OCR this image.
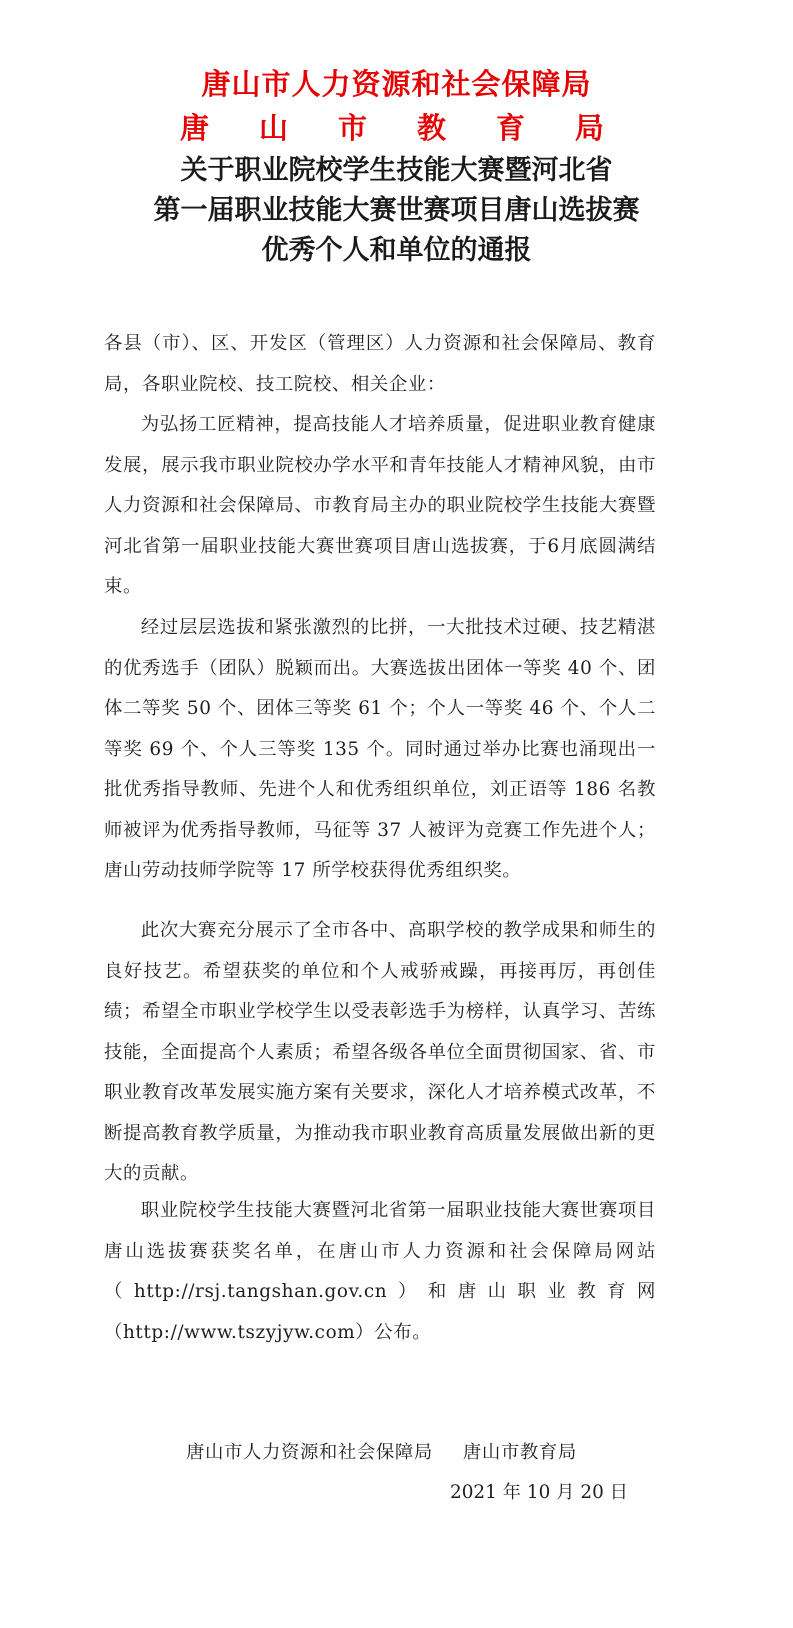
唐山市人力资源和社会保障局
唐 山 市 教 育 局
关于职业院校学生技能大赛暨河北省
第一届职业技能大赛世赛项目唐山选拔赛
优秀个人和单位的通报

各县（市）、区、开发区（管理区）人力资源和社会保障局、教育局，各职业院校、技工院校、相关企业：

为弘扬工匠精神，提高技能人才培养质量，促进职业教育健康发展，展示我市职业院校办学水平和青年技能人才精神风貌，由市人力资源和社会保障局、市教育局主办的职业院校学生技能大赛暨河北省第一届职业技能大赛世赛项目唐山选拔赛，于6月底圆满结束。

经过层层选拔和紧张激烈的比拼，一大批技术过硬、技艺精湛的优秀选手（团队）脱颖而出。大赛选拔出团体一等奖 40 个、团体二等奖 50 个、团体三等奖 61 个；个人一等奖 46 个、个人二等奖 69 个、个人三等奖 135 个。同时通过举办比赛也涌现出一批优秀指导教师、先进个人和优秀组织单位，刘正语等 186 名教师被评为优秀指导教师，马征等 37 人被评为竞赛工作先进个人；唐山劳动技师学院等 17 所学校获得优秀组织奖。

此次大赛充分展示了全市各中、高职学校的教学成果和师生的良好技艺。希望获奖的单位和个人戒骄戒躁，再接再厉，再创佳绩；希望全市职业学校学生以受表彰选手为榜样，认真学习、苦练技能，全面提高个人素质；希望各级各单位全面贯彻国家、省、市职业教育改革发展实施方案有关要求，深化人才培养模式改革，不断提高教育教学质量，为推动我市职业教育高质量发展做出新的更大的贡献。

职业院校学生技能大赛暨河北省第一届职业技能大赛世赛项目唐山选拔赛获奖名单，在唐山市人力资源和社会保障局网站（http://rsj.tangshan.gov.cn）和唐山职业教育网（http://www.tszyjyw.com）公布。

唐山市人力资源和社会保障局 唐山市教育局
2021 年 10 月 20 日
